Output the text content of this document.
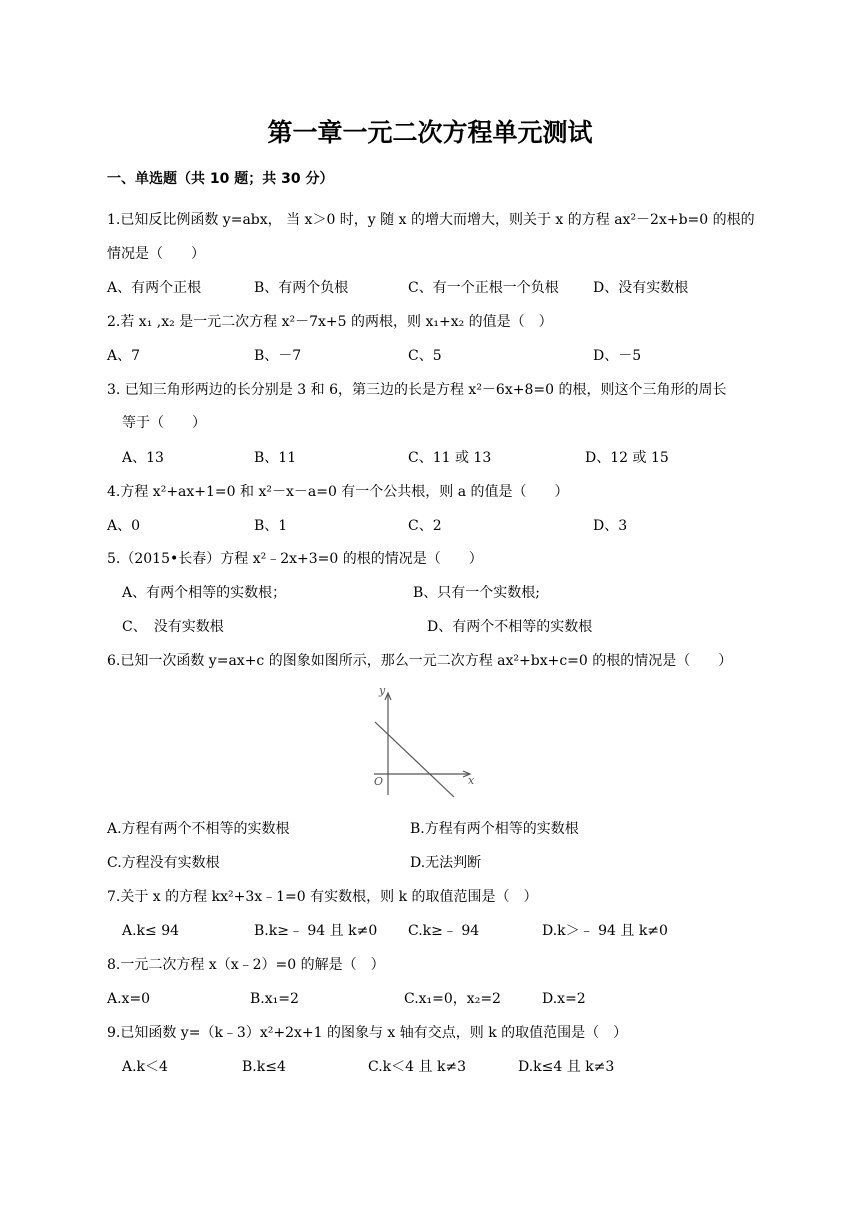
第一章一元二次方程单元测试
一、单选题（共 10 题；共 30 分）
1.已知反比例函数 y=abx， 当 x＞0 时，y 随 x 的增大而增大，则关于 x 的方程 ax²－2x+b=0 的根的
情况是（　　）
A、有两个正根	B、有两个负根	C、有一个正根一个负根 D、没有实数根
2.若 x₁ ,x₂ 是一元二次方程 x²－7x+5 的两根，则 x₁+x₂ 的值是（　）
A、7	B、－7	C、5	D、－5
3. 已知三角形两边的长分别是 3 和 6，第三边的长是方程 x²－6x+8=0 的根，则这个三角形的周长
等于（　　）
A、13	B、11	C、11 或 13	D、12 或 15
4.方程 x²+ax+1=0 和 x²－x－a=0 有一个公共根，则 a 的值是（　　）
A、0	B、1	C、2	D、3
5.（2015•长春）方程 x²﹣2x+3=0 的根的情况是（　　）
A、有两个相等的实数根；	B、只有一个实数根;
C、　没有实数根	D、有两个不相等的实数根
6.已知一次函数 y=ax+c 的图象如图所示，那么一元二次方程 ax²+bx+c=0 的根的情况是（　　）
y
x
O
A.方程有两个不相等的实数根	B.方程有两个相等的实数根
C.方程没有实数根	D.无法判断
7.关于 x 的方程 kx²+3x﹣1=0 有实数根，则 k 的取值范围是（　）
A.k≤ 94	B.k≥﹣ 94 且 k≠0 C.k≥﹣ 94	D.k＞﹣ 94 且 k≠0
8.一元二次方程 x（x﹣2）=0 的解是（　）
A.x=0	B.x₁=2	C.x₁=0，x₂=2	D.x=2
9.已知函数 y=（k﹣3）x²+2x+1 的图象与 x 轴有交点，则 k 的取值范围是（　）
A.k＜4	B.k≤4	C.k＜4 且 k≠3	D.k≤4 且 k≠3
